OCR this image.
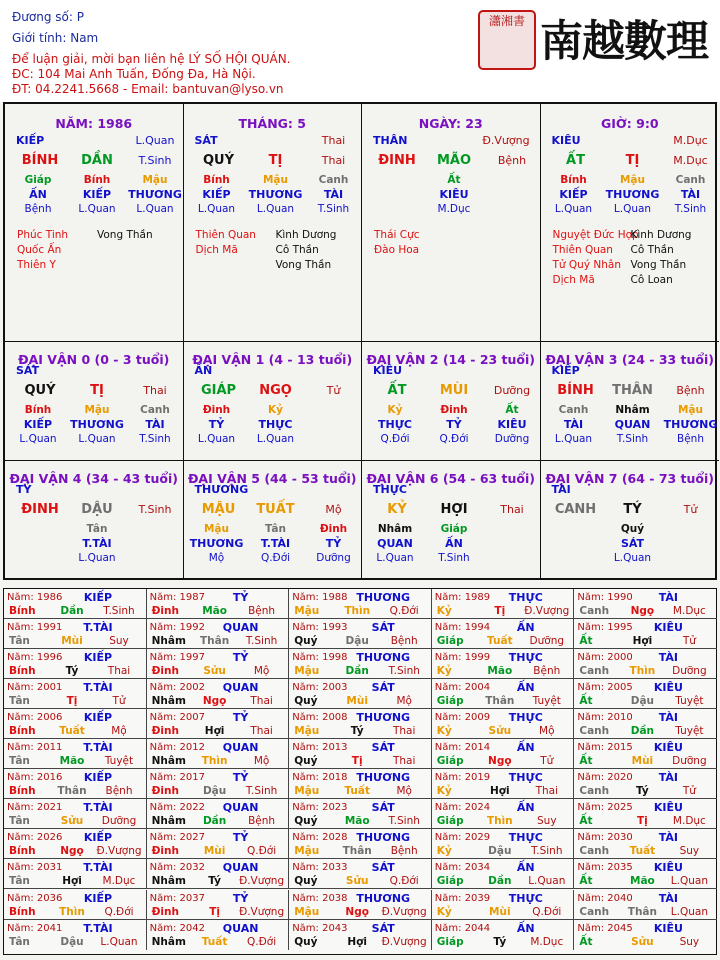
Đương số: P
Giới tính: Nam
Để luận giải, mời bạn liên hệ LÝ SỐ HỘI QUÁN.
ĐC: 104 Mai Anh Tuấn, Đống Đa, Hà Nội.
ĐT: 04.2241.5668 - Email: bantuvan@lyso.vn
瀟湘書 南越數理
NĂM: 1986
KIẾP	L.Quan
BÍNH	DẦN	T.Sinh
Giáp
ẤN
Bệnh
Bính
KIẾP
L.Quan
Mậu
THƯƠNG
L.Quan
Phúc Tinh	Vong Thần
Quốc Ấn
Thiên Y
THÁNG: 5
SÁT	Thai
QUÝ	TỊ	Thai
Bính
KIẾP
L.Quan
Mậu
THƯƠNG
L.Quan
Canh
TÀI
T.Sinh
Thiên Quan Kình Dương
Dịch Mã	Cô Thần
Vong Thần
NGÀY: 23
THÂN	Đ.Vượng
ĐINH	MÃO	Bệnh
Ất
KIÊU
M.Dục
Thái Cực
Đào Hoa
GIỜ: 9:0
KIÊU	M.Dục
ẤT	TỊ	M.Dục
Bính
KIẾP
L.Quan
Mậu
THƯƠNG
L.Quan
Canh
TÀI
T.Sinh
Nguyệt Đức Hợp
Kình Dương
Thiên Quan Cô Thần
Tử Quý Nhân Vong Thần
Dịch Mã	Cô Loan
ĐẠI VẬN 0 (0 - 3 tuổi)
SÁT
QUÝ	TỊ	Thai
Bính
KIẾP
L.Quan
Mậu
THƯƠNG
L.Quan
Canh
TÀI
T.Sinh
ĐẠI VẬN 1 (4 - 13 tuổi)
ẤN
GIÁP	NGỌ	Tử
Đinh
TỶ
L.Quan
Kỷ
THỰC
L.Quan
ĐẠI VẬN 2 (14 - 23 tuổi)
KIÊU
ẤT	MÙI	Dưỡng
Kỷ
THỰC
Q.Đới
Đinh
TỶ
Q.Đới
Ất
KIÊU
Dưỡng
ĐẠI VẬN 3 (24 - 33 tuổi)
KIẾP
BÍNH	THÂN	Bệnh
Canh
TÀI
L.Quan
Nhâm
QUAN
T.Sinh
Mậu
THƯƠNG
Bệnh
ĐẠI VẬN 4 (34 - 43 tuổi)
TỶ
ĐINH	DẬU	T.Sinh
Tân
T.TÀI
L.Quan
ĐẠI VẬN 5 (44 - 53 tuổi)
THƯƠNG
MẬU	TUẤT	Mộ
Mậu
THƯƠNG
Mộ
Tân
T.TÀI
Q.Đới
Đinh
TỶ
Dưỡng
ĐẠI VẬN 6 (54 - 63 tuổi)
THỰC
KỶ	HỢI	Thai
Nhâm
QUAN
L.Quan
Giáp
ẤN
T.Sinh
ĐẠI VẬN 7 (64 - 73 tuổi)
TÀI
CANH	TÝ	Tử
Quý
SÁT
L.Quan
Năm: 1986	KIẾP
Bính	Dần	T.Sinh
Năm: 1987	TỶ
Đinh	Mão	Bệnh
Năm: 1988 THƯƠNG
Mậu	Thìn	Q.Đới
Năm: 1989	THỰC
Kỷ	Tị	Đ.Vượng
Năm: 1990	TÀI
Canh	Ngọ	M.Dục
Năm: 1991	T.TÀI
Tân	Mùi	Suy
Năm: 1992	QUAN
Nhâm	Thân	T.Sinh
Năm: 1993	SÁT
Quý	Dậu	Bệnh
Năm: 1994	ẤN
Giáp	Tuất	Dưỡng
Năm: 1995	KIÊU
Ất	Hợi	Tử
Năm: 1996	KIẾP
Bính	Tý	Thai
Năm: 1997	TỶ
Đinh	Sửu	Mộ
Năm: 1998 THƯƠNG
Mậu	Dần	T.Sinh
Năm: 1999	THỰC
Kỷ	Mão	Bệnh
Năm: 2000	TÀI
Canh	Thìn	Dưỡng
Năm: 2001	T.TÀI
Tân	Tị	Tử
Năm: 2002	QUAN
Nhâm	Ngọ	Thai
Năm: 2003	SÁT
Quý	Mùi	Mộ
Năm: 2004	ẤN
Giáp	Thân	Tuyệt
Năm: 2005	KIÊU
Ất	Dậu	Tuyệt
Năm: 2006	KIẾP
Bính	Tuất	Mộ
Năm: 2007	TỶ
Đinh	Hợi	Thai
Năm: 2008 THƯƠNG
Mậu	Tý	Thai
Năm: 2009	THỰC
Kỷ	Sửu	Mộ
Năm: 2010	TÀI
Canh	Dần	Tuyệt
Năm: 2011	T.TÀI
Tân	Mão	Tuyệt
Năm: 2012	QUAN
Nhâm	Thìn	Mộ
Năm: 2013	SÁT
Quý	Tị	Thai
Năm: 2014	ẤN
Giáp	Ngọ	Tử
Năm: 2015	KIÊU
Ất	Mùi	Dưỡng
Năm: 2016	KIẾP
Bính	Thân	Bệnh
Năm: 2017	TỶ
Đinh	Dậu	T.Sinh
Năm: 2018 THƯƠNG
Mậu	Tuất	Mộ
Năm: 2019	THỰC
Kỷ	Hợi	Thai
Năm: 2020	TÀI
Canh	Tý	Tử
Năm: 2021	T.TÀI
Tân	Sửu	Dưỡng
Năm: 2022	QUAN
Nhâm	Dần	Bệnh
Năm: 2023	SÁT
Quý	Mão	T.Sinh
Năm: 2024	ẤN
Giáp	Thìn	Suy
Năm: 2025	KIÊU
Ất	Tị	M.Dục
Năm: 2026	KIẾP
Bính	Ngọ	Đ.Vượng
Năm: 2027	TỶ
Đinh	Mùi	Q.Đới
Năm: 2028 THƯƠNG
Mậu	Thân	Bệnh
Năm: 2029	THỰC
Kỷ	Dậu	T.Sinh
Năm: 2030	TÀI
Canh	Tuất	Suy
Năm: 2031	T.TÀI
Tân	Hợi	M.Dục
Năm: 2032	QUAN
Nhâm	Tý	Đ.Vượng
Năm: 2033	SÁT
Quý	Sửu	Q.Đới
Năm: 2034	ẤN
Giáp	Dần	L.Quan
Năm: 2035	KIÊU
Ất	Mão	L.Quan
Năm: 2036	KIẾP
Bính	Thìn	Q.Đới
Năm: 2037	TỶ
Đinh	Tị	Đ.Vượng
Năm: 2038 THƯƠNG
Mậu	Ngọ	Đ.Vượng
Năm: 2039	THỰC
Kỷ	Mùi	Q.Đới
Năm: 2040	TÀI
Canh	Thân	L.Quan
Năm: 2041	T.TÀI
Tân	Dậu	L.Quan
Năm: 2042	QUAN
Nhâm	Tuất	Q.Đới
Năm: 2043	SÁT
Quý	Hợi	Đ.Vượng
Năm: 2044	ẤN
Giáp	Tý	M.Dục
Năm: 2045	KIÊU
Ất	Sửu	Suy
